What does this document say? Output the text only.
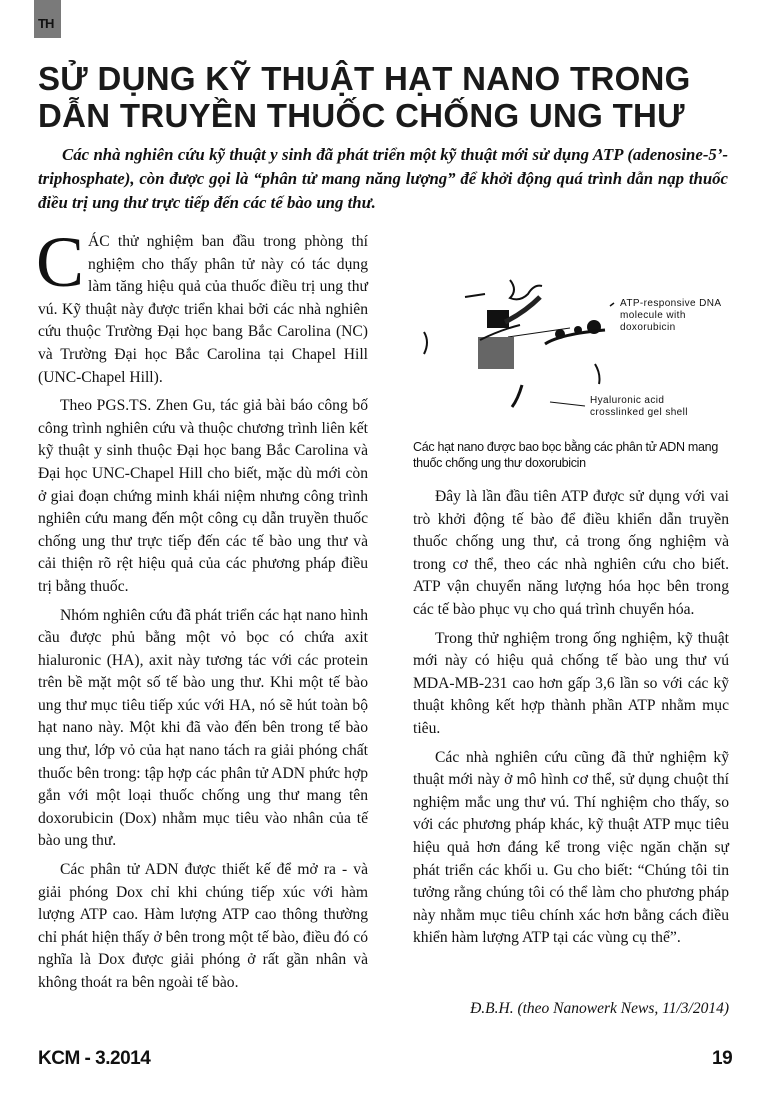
TH
SỬ DỤNG KỸ THUẬT HẠT NANO TRONG DẪN TRUYỀN THUỐC CHỐNG UNG THƯ
Các nhà nghiên cứu kỹ thuật y sinh đã phát triển một kỹ thuật mới sử dụng ATP (adenosine-5’-triphosphate), còn được gọi là “phân tử mang năng lượng” để khởi động quá trình dẫn nạp thuốc điều trị ung thư trực tiếp đến các tế bào ung thư.

CÁC thử nghiệm ban đầu trong phòng thí nghiệm cho thấy phân tử này có tác dụng làm tăng hiệu quả của thuốc điều trị ung thư vú. Kỹ thuật này được triển khai bởi các nhà nghiên cứu thuộc Trường Đại học bang Bắc Carolina (NC) và Trường Đại học Bắc Carolina tại Chapel Hill (UNC-Chapel Hill).

Theo PGS.TS. Zhen Gu, tác giả bài báo công bố công trình nghiên cứu và thuộc chương trình liên kết kỹ thuật y sinh thuộc Đại học bang Bắc Carolina và Đại học UNC-Chapel Hill cho biết, mặc dù mới còn ở giai đoạn chứng minh khái niệm nhưng công trình nghiên cứu mang đến một công cụ dẫn truyền thuốc chống ung thư trực tiếp đến các tế bào ung thư và cải thiện rõ rệt hiệu quả của các phương pháp điều trị bằng thuốc.

Nhóm nghiên cứu đã phát triển các hạt nano hình cầu được phủ bằng một vỏ bọc có chứa axit hialuronic (HA), axit này tương tác với các protein trên bề mặt một số tế bào ung thư. Khi một tế bào ung thư mục tiêu tiếp xúc với HA, nó sẽ hút toàn bộ hạt nano này. Một khi đã vào đến bên trong tế bào ung thư, lớp vỏ của hạt nano tách ra giải phóng chất thuốc bên trong: tập hợp các phân tử ADN phức hợp gắn với một loại thuốc chống ung thư mang tên doxorubicin (Dox) nhằm mục tiêu vào nhân của tế bào ung thư.

Các phân tử ADN được thiết kế để mở ra - và giải phóng Dox chỉ khi chúng tiếp xúc với hàm lượng ATP cao. Hàm lượng ATP cao thông thường chỉ phát hiện thấy ở bên trong một tế bào, điều đó có nghĩa là Dox được giải phóng ở rất gần nhân và không thoát ra bên ngoài tế bào.

ATP-responsive DNA molecule with doxorubicin
Hyaluronic acid crosslinked gel shell
Các hạt nano được bao bọc bằng các phân tử ADN mang thuốc chống ung thư doxorubicin

Đây là lần đầu tiên ATP được sử dụng với vai trò khởi động tế bào để điều khiển dẫn truyền thuốc chống ung thư, cả trong ống nghiệm và trong cơ thể, theo các nhà nghiên cứu cho biết. ATP vận chuyển năng lượng hóa học bên trong các tế bào phục vụ cho quá trình chuyển hóa.

Trong thử nghiệm trong ống nghiệm, kỹ thuật mới này có hiệu quả chống tế bào ung thư vú MDA-MB-231 cao hơn gấp 3,6 lần so với các kỹ thuật không kết hợp thành phần ATP nhằm mục tiêu.

Các nhà nghiên cứu cũng đã thử nghiệm kỹ thuật mới này ở mô hình cơ thể, sử dụng chuột thí nghiệm mắc ung thư vú. Thí nghiệm cho thấy, so với các phương pháp khác, kỹ thuật ATP mục tiêu hiệu quả hơn đáng kể trong việc ngăn chặn sự phát triển các khối u. Gu cho biết: “Chúng tôi tin tưởng rằng chúng tôi có thể làm cho phương pháp này nhằm mục tiêu chính xác hơn bằng cách điều khiển hàm lượng ATP tại các vùng cụ thể”.

Đ.B.H. (theo Nanowerk News, 11/3/2014)
KCM - 3.2014	19
